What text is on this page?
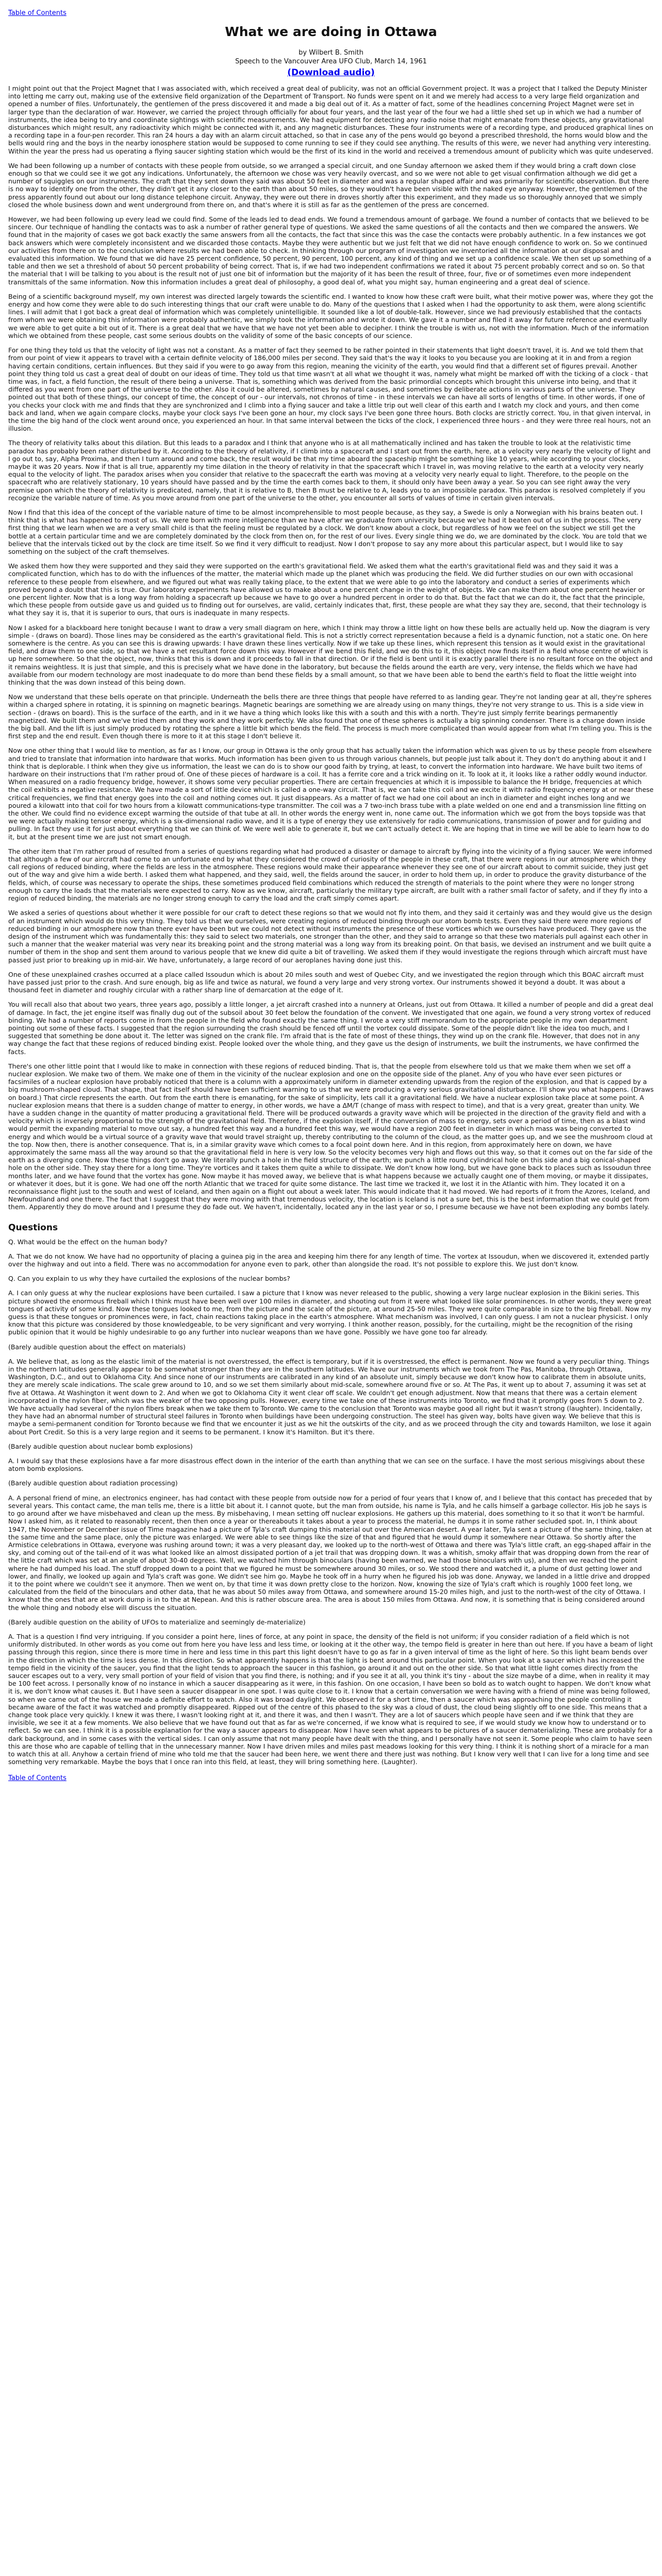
Table of Contents
What we are doing in Ottawa
by Wilbert B. Smith
Speech to the Vancouver Area UFO Club, March 14, 1961
(Download audio)

I might point out that the Project Magnet that I was associated with, which received a great deal of publicity, was not an official Government project. It was a project that I talked the Deputy Minister into letting me carry out, making use of the extensive field organization of the Department of Transport. No funds were spent on it and we merely had access to a very large field organization and opened a number of files. Unfortunately, the gentlemen of the press discovered it and made a big deal out of it. As a matter of fact, some of the headlines concerning Project Magnet were set in larger type than the declaration of war. However, we carried the project through officially for about four years, and the last year of the four we had a little shed set up in which we had a number of instruments, the idea being to try and coordinate sightings with scientific measurements. We had equipment for detecting any radio noise that might emanate from these objects, any gravitational disturbances which might result, any radioactivity which might be connected with it, and any magnetic disturbances. These four instruments were of a recording type, and produced graphical lines on a recording tape in a four-pen recorder. This ran 24 hours a day with an alarm circuit attached, so that in case any of the pens would go beyond a prescribed threshold, the horns would blow and the bells would ring and the boys in the nearby ionosphere station would be supposed to come running to see if they could see anything. The results of this were, we never had anything very interesting. Within the year the press had us operating a flying saucer sighting station which would be the first of its kind in the world and received a tremendous amount of publicity which was quite undeserved.

We had been following up a number of contacts with these people from outside, so we arranged a special circuit, and one Sunday afternoon we asked them if they would bring a craft down close enough so that we could see it we got any indications. Unfortunately, the afternoon we chose was very heavily overcast, and so we were not able to get visual confirmation although we did get a number of squiggles on our instruments. The craft that they sent down they said was about 50 feet in diameter and was a regular shaped affair and was primarily for scientific observation. But there is no way to identify one from the other, they didn't get it any closer to the earth than about 50 miles, so they wouldn't have been visible with the naked eye anyway. However, the gentlemen of the press apparently found out about our long distance telephone circuit. Anyway, they were out there in droves shortly after this experiment, and they made us so thoroughly annoyed that we simply closed the whole business down and went underground from there on, and that's where it is still as far as the gentlemen of the press are concerned.

However, we had been following up every lead we could find. Some of the leads led to dead ends. We found a tremendous amount of garbage. We found a number of contacts that we believed to be sincere. Our technique of handling the contacts was to ask a number of rather general type of questions. We asked the same questions of all the contacts and then we compared the answers. We found that in the majority of cases we got back exactly the same answers from all the contacts, the fact that since this was the case the contacts were probably authentic. In a few instances we got back answers which were completely inconsistent and we discarded those contacts. Maybe they were authentic but we just felt that we did not have enough confidence to work on. So we continued our activities from there on to the conclusion where results we had been able to check. In thinking through our program of investigation we inventoried all the information at our disposal and evaluated this information. We found that we did have 25 percent confidence, 50 percent, 90 percent, 100 percent, any kind of thing and we set up a confidence scale. We then set up something of a table and then we set a threshold of about 50 percent probability of being correct. That is, if we had two independent confirmations we rated it about 75 percent probably correct and so on. So that the material that I will be talking to you about is the result not of just one bit of information but the majority of it has been the result of three, four, five or of sometimes even more independent transmittals of the same information. Now this information includes a great deal of philosophy, a good deal of, what you might say, human engineering and a great deal of science.

Being of a scientific background myself, my own interest was directed largely towards the scientific end. I wanted to know how these craft were built, what their motive power was, where they got the energy and how come they were able to do such interesting things that our craft were unable to do. Many of the questions that I asked when I had the opportunity to ask them, were along scientific lines. I will admit that I got back a great deal of information which was completely unintelligible. It sounded like a lot of double-talk. However, since we had previously established that the contacts from whom we were obtaining this information were probably authentic, we simply took the information and wrote it down. We gave it a number and filed it away for future reference and eventually we were able to get quite a bit out of it. There is a great deal that we have that we have not yet been able to decipher. I think the trouble is with us, not with the information. Much of the information which we obtained from these people, cast some serious doubts on the validity of some of the basic concepts of our science.

For one thing they told us that the velocity of light was not a constant. As a matter of fact they seemed to be rather pointed in their statements that light doesn't travel, it is. And we told them that from our point of view it appears to travel with a certain definite velocity of 186,000 miles per second. They said that's the way it looks to you because you are looking at it in and from a region having certain conditions, certain influences. But they said if you were to go away from this region, meaning the vicinity of the earth, you would find that a different set of figures prevail. Another point they thing told us cast a great deal of doubt on our ideas of time. They told us that time wasn't at all what we thought it was, namely what might be marked off with the ticking of a clock - that time was, in fact, a field function, the result of there being a universe. That is, something which was derived from the basic primordial concepts which brought this universe into being, and that it differed as you went from one part of the universe to the other. Also it could be altered, sometimes by natural causes, and sometimes by deliberate actions in various parts of the universe. They pointed out that both of these things, our concept of time, the concept of our - our intervals, not chronos of time - in these intervals we can have all sorts of lengths of time. In other words, if one of you checks your clock with me and finds that they are synchronized and I climb into a flying saucer and take a little trip out well clear of this earth and I watch my clock and yours, and then come back and land, when we again compare clocks, maybe your clock says I've been gone an hour, my clock says I've been gone three hours. Both clocks are strictly correct. You, in that given interval, in the time the big hand of the clock went around once, you experienced an hour. In that same interval between the ticks of the clock, I experienced three hours - and they were three real hours, not an illusion.

The theory of relativity talks about this dilation. But this leads to a paradox and I think that anyone who is at all mathematically inclined and has taken the trouble to look at the relativistic time paradox has probably been rather disturbed by it. According to the theory of relativity, if I climb into a spacecraft and I start out from the earth, here, at a velocity very nearly the velocity of light and I go out to, say, Alpha Proxima, and then I turn around and come back, the result would be that my time aboard the spaceship might be something like 10 years, while according to your clocks, maybe it was 20 years. Now if that is all true, apparently my time dilation in the theory of relativity in that the spacecraft which I travel in, was moving relative to the earth at a velocity very nearly equal to the velocity of light. The paradox arises when you consider that relative to the spacecraft the earth was moving at a velocity very nearly equal to light. Therefore, to the people on the spacecraft who are relatively stationary, 10 years should have passed and by the time the earth comes back to them, it should only have been away a year. So you can see right away the very premise upon which the theory of relativity is predicated, namely, that it is relative to B, then B must be relative to A, leads you to an impossible paradox. This paradox is resolved completely if you recognize the variable nature of time. As you move around from one part of the universe to the other, you encounter all sorts of values of time in certain given intervals.

Now I find that this idea of the concept of the variable nature of time to be almost incomprehensible to most people because, as they say, a Swede is only a Norwegian with his brains beaten out. I think that is what has happened to most of us. We were born with more intelligence than we have after we graduate from university because we've had it beaten out of us in the process. The very first thing that we learn when we are a very small child is that the feeling must be regulated by a clock. We don't know about a clock, but regardless of how we feel on the subject we still get the bottle at a certain particular time and we are completely dominated by the clock from then on, for the rest of our lives. Every single thing we do, we are dominated by the clock. You are told that we believe that the intervals ticked out by the clock are time itself. So we find it very difficult to readjust. Now I don't propose to say any more about this particular aspect, but I would like to say something on the subject of the craft themselves.

We asked them how they were supported and they said they were supported on the earth's gravitational field. We asked them what the earth's gravitational field was and they said it was a complicated function, which has to do with the influences of the matter, the material which made up the planet which was producing the field. We did further studies on our own with occasional reference to these people from elsewhere, and we figured out what was really taking place, to the extent that we were able to go into the laboratory and conduct a series of experiments which proved beyond a doubt that this is true. Our laboratory experiments have allowed us to make about a one percent change in the weight of objects. We can make them about one percent heavier or one percent lighter. Now that is a long way from holding a spacecraft up because we have to go over a hundred percent in order to do that. But the fact that we can do it, the fact that the principle, which these people from outside gave us and guided us to finding out for ourselves, are valid, certainly indicates that, first, these people are what they say they are, second, that their technology is what they say it is, that it is superior to ours, that ours is inadequate in many respects.

Now I asked for a blackboard here tonight because I want to draw a very small diagram on here, which I think may throw a little light on how these bells are actually held up. Now the diagram is very simple - (draws on board). Those lines may be considered as the earth's gravitational field. This is not a strictly correct representation because a field is a dynamic function, not a static one. On here somewhere is the centre. As you can see this is drawing upwards: I have drawn these lines vertically. Now if we take up these lines, which represent this tension as it would exist in the gravitational field, and draw them to one side, so that we have a net resultant force down this way. However if we bend this field, and we do this to it, this object now finds itself in a field whose centre of which is up here somewhere. So that the object, now, thinks that this is down and it proceeds to fall in that direction. Or if the field is bent until it is exactly parallel there is no resultant force on the object and it remains weightless. It is just that simple, and this is precisely what we have done in the laboratory, but because the fields around the earth are very, very intense, the fields which we have had available from our modern technology are most inadequate to do more than bend these fields by a small amount, so that we have been able to bend the earth's field to float the little weight into thinking that the was down instead of this being down.

Now we understand that these bells operate on that principle. Underneath the bells there are three things that people have referred to as landing gear. They're not landing gear at all, they're spheres within a charged sphere in rotating, it is spinning on magnetic bearings. Magnetic bearings are something we are already using on many things, they're not very strange to us. This is a side view in section - (draws on board). This is the surface of the earth, and in it we have a thing which looks like this with a south and this with a north. They're just simply ferrite bearings permanently magnetized. We built them and we've tried them and they work and they work perfectly. We also found that one of these spheres is actually a big spinning condenser. There is a charge down inside the big ball. And the lift is just simply produced by rotating the sphere a little bit which bends the field. The process is much more complicated than would appear from what I'm telling you. This is the first step and the end result. Even though there is more to it at this stage I don't believe it.

Now one other thing that I would like to mention, as far as I know, our group in Ottawa is the only group that has actually taken the information which was given to us by these people from elsewhere and tried to translate that information into hardware that works. Much information has been given to us through various channels, but people just talk about it. They don't do anything about it and I think that is deplorable. I think when they give us information, the least we can do is to show our good faith by trying, at least, to convert the information into hardware. We have built two items of hardware on their instructions that I'm rather proud of. One of these pieces of hardware is a coil. It has a ferrite core and a trick winding on it. To look at it, it looks like a rather oddly wound inductor. When measured on a radio frequency bridge, however, it shows some very peculiar properties. There are certain frequencies at which it is impossible to balance the H bridge, frequencies at which the coil exhibits a negative resistance. We have made a sort of little device which is called a one-way circuit. That is, we can take this coil and we excite it with radio frequency energy at or near these critical frequencies, we find that energy goes into the coil and nothing comes out. It just disappears. As a matter of fact we had one coil about an inch in diameter and eight inches long and we poured a kilowatt into that coil for two hours from a kilowatt communications-type transmitter. The coil was a 7 two-inch brass tube with a plate welded on one end and a transmission line fitting on the other. We could find no evidence except warming the outside of that tube at all. In other words the energy went in, none came out. The information which we got from the boys topside was that we were actually making tensor energy, which is a six-dimensional radio wave, and it is a type of energy they use extensively for radio communications, transmission of power and for guiding and pulling. In fact they use it for just about everything that we can think of. We were well able to generate it, but we can't actually detect it. We are hoping that in time we will be able to learn how to do it, but at the present time we are just not smart enough.

The other item that I'm rather proud of resulted from a series of questions regarding what had produced a disaster or damage to aircraft by flying into the vicinity of a flying saucer. We were informed that although a few of our aircraft had come to an unfortunate end by what they considered the crowd of curiosity of the people in these craft, that there were regions in our atmosphere which they call regions of reduced binding, where the fields are less in the atmosphere. These regions would make their appearance whenever they see one of our aircraft about to commit suicide, they just get out of the way and give him a wide berth. I asked them what happened, and they said, well, the fields around the saucer, in order to hold them up, in order to produce the gravity disturbance of the fields, which, of course was necessary to operate the ships, these sometimes produced field combinations which reduced the strength of materials to the point where they were no longer strong enough to carry the loads that the materials were expected to carry. Now as we know, aircraft, particularly the military type aircraft, are built with a rather small factor of safety, and if they fly into a region of reduced binding, the materials are no longer strong enough to carry the load and the craft simply comes apart.

We asked a series of questions about whether it were possible for our craft to detect these regions so that we would not fly into them, and they said it certainly was and they would give us the design of an instrument which would do this very thing. They told us that we ourselves, were creating regions of reduced binding through our atom bomb tests. Even they said there were more regions of reduced binding in our atmosphere now than there ever have been but we could not detect without instruments the presence of these vortices which we ourselves have produced. They gave us the design of the instrument which was fundamentally this: they said to select two materials, one stronger than the other, and they said to arrange so that these two materials pull against each other in such a manner that the weaker material was very near its breaking point and the strong material was a long way from its breaking point. On that basis, we devised an instrument and we built quite a number of them in the shop and sent them around to various people that we knew did quite a bit of travelling. We asked them if they would investigate the regions through which aircraft must have passed just prior to breaking up in mid-air. We have, unfortunately, a large record of our aeroplanes having done just this.

One of these unexplained crashes occurred at a place called Issoudun which is about 20 miles south and west of Quebec City, and we investigated the region through which this BOAC aircraft must have passed just prior to the crash. And sure enough, big as life and twice as natural, we found a very large and very strong vortex. Our instruments showed it beyond a doubt. It was about a thousand feet in diameter and roughly circular with a rather sharp line of demarcation at the edge of it.

You will recall also that about two years, three years ago, possibly a little longer, a jet aircraft crashed into a nunnery at Orleans, just out from Ottawa. It killed a number of people and did a great deal of damage. In fact, the jet engine itself was finally dug out of the subsoil about 30 feet below the foundation of the convent. We investigated that one again, we found a very strong vortex of reduced binding. We had a number of reports come in from the people in the field who found exactly the same thing. I wrote a very stiff memorandum to the appropriate people in my own department pointing out some of these facts. I suggested that the region surrounding the crash should be fenced off until the vortex could dissipate. Some of the people didn't like the idea too much, and I suggested that something be done about it. The letter was signed on the crank file. I'm afraid that is the fate of most of these things, they wind up on the crank file. However, that does not in any way change the fact that these regions of reduced binding exist. People looked over the whole thing, and they gave us the design of instruments, we built the instruments, we have confirmed the facts.

There's one other little point that I would like to make in connection with these regions of reduced binding. That is, that the people from elsewhere told us that we make them when we set off a nuclear explosion. We make two of them. We make one of them in the vicinity of the nuclear explosion and one on the opposite side of the planet. Any of you who have ever seen pictures or facsimiles of a nuclear explosion have probably noticed that there is a column with a approximately uniform in diameter extending upwards from the region of the explosion, and that is capped by a big mushroom-shaped cloud. That shape, that fact itself should have been sufficient warning to us that we were producing a very serious gravitational disturbance. I'll show you what happens. (Draws on board.) That circle represents the earth. Out from the earth there is emanating, for the sake of simplicity, lets call it a gravitational field. We have a nuclear explosion take place at some point. A nuclear explosion means that there is a sudden change of matter to energy, in other words, we have a ΔM/T (change of mass with respect to time), and that is a very great, greater than unity. We have a sudden change in the quantity of matter producing a gravitational field. There will be produced outwards a gravity wave which will be projected in the direction of the gravity field and with a velocity which is inversely proportional to the strength of the gravitational field. Therefore, if the explosion itself, if the conversion of mass to energy, sets over a period of time, then as a blast wind would permit the expanding material to move out say, a hundred feet this way and a hundred feet this way, we would have a region 200 feet in diameter in which mass was being converted to energy and which would be a virtual source of a gravity wave that would travel straight up, thereby contributing to the column of the cloud, as the matter goes up, and we see the mushroom cloud at the top. Now then, there is another consequence. That is, in a similar gravity wave which comes to a focal point down here. And in this region, from approximately here on down, we have approximately the same mass all the way around so that the gravitational field in here is very low. So the velocity becomes very high and flows out this way, so that it comes out on the far side of the earth as a diverging cone. Now these things don't go away. We literally punch a hole in the field structure of the earth; we punch a little round cylindrical hole on this side and a big conical-shaped hole on the other side. They stay there for a long time. They're vortices and it takes them quite a while to dissipate. We don't know how long, but we have gone back to places such as Issoudun three months later, and we have found that the vortex has gone. Now maybe it has moved away, we believe that is what happens because we actually caught one of them moving, or maybe it dissipates, or whatever it does, but it is gone. We had one off the north Atlantic that we traced for quite some distance. The last time we tracked it, we lost it in the Atlantic with him. They located it on a reconnaissance flight just to the south and west of Iceland, and then again on a flight out about a week later. This would indicate that it had moved. We had reports of it from the Azores, Iceland, and Newfoundland and one there. The fact that I suggest that they were moving with that tremendous velocity, the location is Iceland is not a sure bet, this is the best information that we could get from them. Apparently they do move around and I presume they do fade out. We haven't, incidentally, located any in the last year or so, I presume because we have not been exploding any bombs lately.

Questions

Q. What would be the effect on the human body?

A. That we do not know. We have had no opportunity of placing a guinea pig in the area and keeping him there for any length of time. The vortex at Issoudun, when we discovered it, extended partly over the highway and out into a field. There was no accommodation for anyone even to park, other than alongside the road. It's not possible to explore this. We just don't know.

Q. Can you explain to us why they have curtailed the explosions of the nuclear bombs?

A. I can only guess at why the nuclear explosions have been curtailed. I saw a picture that I know was never released to the public, showing a very large nuclear explosion in the Bikini series. This picture showed the enormous fireball which I think must have been well over 100 miles in diameter, and shooting out from it were what looked like solar prominences. In other words, they were great tongues of activity of some kind. Now these tongues looked to me, from the picture and the scale of the picture, at around 25-50 miles. They were quite comparable in size to the big fireball. Now my guess is that these tongues or prominences were, in fact, chain reactions taking place in the earth's atmosphere. What mechanism was involved, I can only guess. I am not a nuclear physicist. I only know that this picture was considered by those knowledgeable, to be very significant and very worrying. I think another reason, possibly, for the curtailing, might be the recognition of the rising public opinion that it would be highly undesirable to go any further into nuclear weapons than we have gone. Possibly we have gone too far already.

(Barely audible question about the effect on materials)

A. We believe that, as long as the elastic limit of the material is not overstressed, the effect is temporary, but if it is overstressed, the effect is permanent. Now we found a very peculiar thing. Things in the northern latitudes generally appear to be somewhat stronger than they are in the southern latitudes. We have our instruments which we took from The Pas, Manitoba, through Ottawa, Washington, D.C., and out to Oklahoma City. And since none of our instruments are calibrated in any kind of an absolute unit, simply because we don't know how to calibrate them in absolute units, they are merely scale indications. The scale grew around to 10, and so we set them similarly about mid-scale, somewhere around five or so. At The Pas, it went up to about 7, assuming it was set at five at Ottawa. At Washington it went down to 2. And when we got to Oklahoma City it went clear off scale. We couldn't get enough adjustment. Now that means that there was a certain element incorporated in the nylon fiber, which was the weaker of the two opposing pulls. However, every time we take one of these instruments into Toronto, we find that it promptly goes from 5 down to 2. We have actually had several of the nylon fibers break when we take them to Toronto. We came to the conclusion that Toronto was maybe good all right but it wasn't strong (laughter). Incidentally, they have had an abnormal number of structural steel failures in Toronto when buildings have been undergoing construction. The steel has given way, bolts have given way. We believe that this is maybe a semi-permanent condition for Toronto because we find that we encounter it just as we hit the outskirts of the city, and as we proceed through the city and towards Hamilton, we lose it again about Port Credit. So this is a very large region and it seems to be permanent. I know it's Hamilton. But it's there.

(Barely audible question about nuclear bomb explosions)

A. I would say that these explosions have a far more disastrous effect down in the interior of the earth than anything that we can see on the surface. I have the most serious misgivings about these atom bomb explosions.

(Barely audible question about radiation processing)

A. A personal friend of mine, an electronics engineer, has had contact with these people from outside now for a period of four years that I know of, and I believe that this contact has preceded that by several years. This contact came, the man tells me, there is a little bit about it. I cannot quote, but the man from outside, his name is Tyla, and he calls himself a garbage collector. His job he says is to go around after we have misbehaved and clean up the mess. By misbehaving, I mean setting off nuclear explosions. He gathers up this material, does something to it so that it won't be harmful. Now I asked him, as it related to reasonably recent, then then once a year or thereabouts it takes about a year to process the material, he dumps it in some rather secluded spot. In, I think about 1947, the November or December issue of Time magazine had a picture of Tyla's craft dumping this material out over the American desert. A year later, Tyla sent a picture of the same thing, taken at the same time and the same place, only the picture was enlarged. We were able to see things like the size of that and figured that he would dump it somewhere near Ottawa. So shortly after the Armistice celebrations in Ottawa, everyone was rushing around town; it was a very pleasant day, we looked up to the north-west of Ottawa and there was Tyla's little craft, an egg-shaped affair in the sky, and coming out of the tail-end of it was what looked like an almost dissipated portion of a jet trail that was dropping down. It was a whitish, smoky affair that was dropping down from the rear of the little craft which was set at an angle of about 30-40 degrees. Well, we watched him through binoculars (having been warned, we had those binoculars with us), and then we reached the point where he had dumped his load. The stuff dropped down to a point that we figured he must be somewhere around 30 miles, or so. We stood there and watched it, a plume of dust getting lower and lower, and finally, we looked up again and Tyla's craft was gone. We didn't see him go. Maybe he took off in a hurry when he figured his job was done. Anyway, we landed in a little drive and dropped it to the point where we couldn't see it anymore. Then we went on, by that time it was down pretty close to the horizon. Now, knowing the size of Tyla's craft which is roughly 1000 feet long, we calculated from the field of the binoculars and other data, that he was about 50 miles away from Ottawa, and somewhere around 15-20 miles high, and just to the north-west of the city of Ottawa. I know that the ones that are at work dump is in to the at Nepean. And this is rather obscure area. The area is about 150 miles from Ottawa. And now, it is something that is being considered around the whole thing and nobody else will discuss the situation.

(Barely audible question on the ability of UFOs to materialize and seemingly de-materialize)

A. That is a question I find very intriguing. If you consider a point here, lines of force, at any point in space, the density of the field is not uniform; if you consider radiation of a field which is not uniformly distributed. In other words as you come out from here you have less and less time, or looking at it the other way, the tempo field is greater in here than out here. If you have a beam of light passing through this region, since there is more time in here and less time in this part this light doesn't have to go as far in a given interval of time as the light of here. So this light beam bends over in the direction in which the time is less dense. In this direction. So what apparently happens is that the light is bent around this particular point. When you look at a saucer which has increased the tempo field in the vicinity of the saucer, you find that the light tends to approach the saucer in this fashion, go around it and out on the other side. So that what little light comes directly from the saucer escapes out to a very, very small portion of your field of vision that you find there, is nothing; and if you see it at all, you think it's tiny - about the size maybe of a dime, when in reality it may be 100 feet across. I personally know of no instance in which a saucer disappearing as it were, in this fashion. On one occasion, I have been so bold as to watch ought to happen. We don't know what it is, we don't know what causes it. But I have seen a saucer disappear in one spot. I was quite close to it. I know that a certain conversation we were having with a friend of mine was being followed, so when we came out of the house we made a definite effort to watch. Also it was broad daylight. We observed it for a short time, then a saucer which was approaching the people controlling it became aware of the fact it was watched and promptly disappeared. Ripped out of the centre of this phased to the sky was a cloud of dust, the cloud being slightly off to one side. This means that a change took place very quickly. I knew it was there, I wasn't looking right at it, and there it was, and then I wasn't. They are a lot of saucers which people have seen and if we think that they are invisible, we see it at a few moments. We also believe that we have found out that as far as we're concerned, if we know what is required to see, if we would study we know how to understand or to reflect. So we can see. I think it is a possible explanation for the way a saucer appears to disappear. Now I have seen what appears to be pictures of a saucer dematerializing. These are probably for a dark background, and in some cases with the vertical sides. I can only assume that not many people have dealt with the thing, and I personally have not seen it. Some people who claim to have seen this are those who are capable of telling that in the unnecessary manner. Now I have driven miles and miles past meadows looking for this very thing. I think it is nothing short of a miracle for a man to watch this at all. Anyhow a certain friend of mine who told me that the saucer had been here, we went there and there just was nothing. But I know very well that I can live for a long time and see something very remarkable. Maybe the boys that I once ran into this field, at least, they will bring something here. (Laughter).

Table of Contents
